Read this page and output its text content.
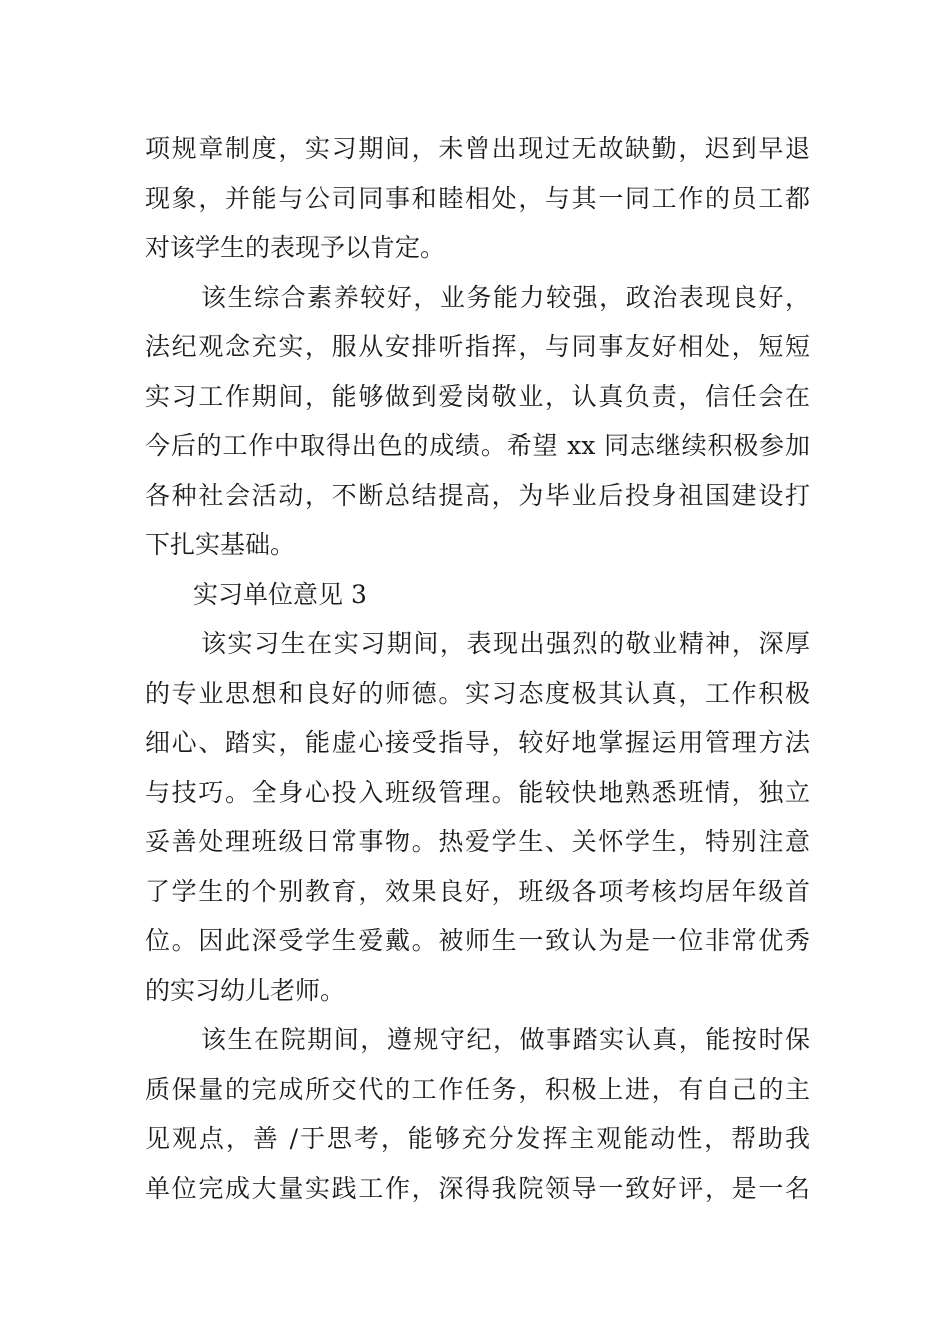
项规章制度，实习期间，未曾出现过无故缺勤，迟到早退
现象，并能与公司同事和睦相处，与其一同工作的员工都
对该学生的表现予以肯定。
该生综合素养较好，业务能力较强，政治表现良好，
法纪观念充实，服从安排听指挥，与同事友好相处，短短
实习工作期间，能够做到爱岗敬业，认真负责，信任会在
今后的工作中取得出色的成绩。希望 xx 同志继续积极参加
各种社会活动，不断总结提高，为毕业后投身祖国建设打
下扎实基础。
实习单位意见 3
该实习生在实习期间，表现出强烈的敬业精神，深厚
的专业思想和良好的师德。实习态度极其认真，工作积极
细心、踏实，能虚心接受指导，较好地掌握运用管理方法
与技巧。全身心投入班级管理。能较快地熟悉班情，独立
妥善处理班级日常事物。热爱学生、关怀学生，特别注意
了学生的个别教育，效果良好，班级各项考核均居年级首
位。因此深受学生爱戴。被师生一致认为是一位非常优秀
的实习幼儿老师。
该生在院期间，遵规守纪，做事踏实认真，能按时保
质保量的完成所交代的工作任务，积极上进，有自己的主
见观点，善 /于思考，能够充分发挥主观能动性，帮助我
单位完成大量实践工作，深得我院领导一致好评，是一名
